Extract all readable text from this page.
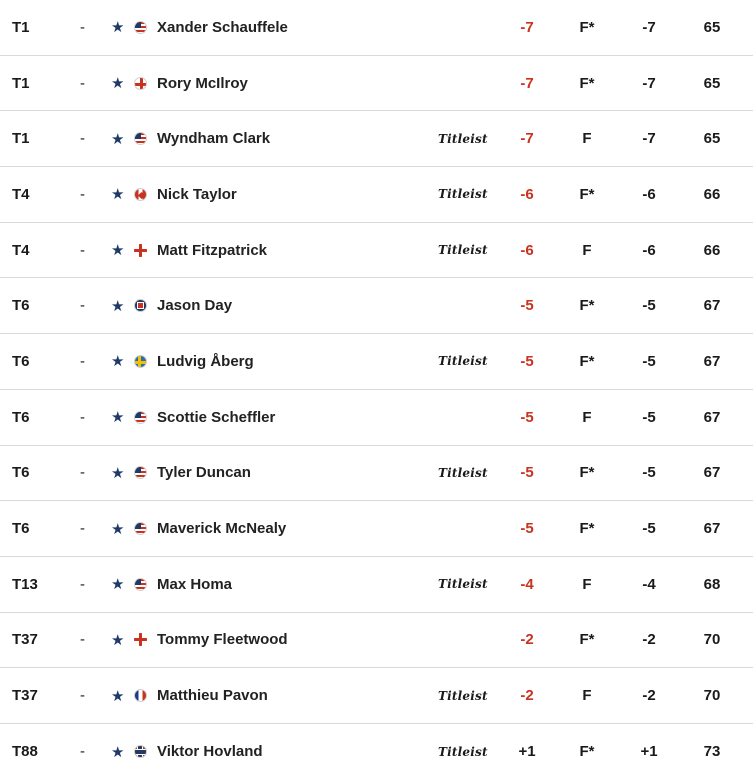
T1	- ★ Xander Schauffele	-7	F*	-7	65
T1	- ★ Rory McIlroy	-7	F*	-7	65
T1	- ★ Wyndham Clark	Titleist	-7	F	-7	65
T4	- ★ Nick Taylor	Titleist	-6	F*	-6	66
T4	- ★ Matt Fitzpatrick	Titleist	-6	F	-6	66
T6	- ★ Jason Day	-5	F*	-5	67
T6	- ★ Ludvig Åberg	Titleist	-5	F*	-5	67
T6	- ★ Scottie Scheffler	-5	F	-5	67
T6	- ★ Tyler Duncan	Titleist	-5	F*	-5	67
T6	- ★ Maverick McNealy	-5	F*	-5	67
T13	- ★ Max Homa	Titleist	-4	F	-4	68
T37	- ★ Tommy Fleetwood	-2	F*	-2	70
T37	- ★ Matthieu Pavon	Titleist	-2	F	-2	70
T88	- ★ Viktor Hovland	Titleist	+1	F*	+1	73
